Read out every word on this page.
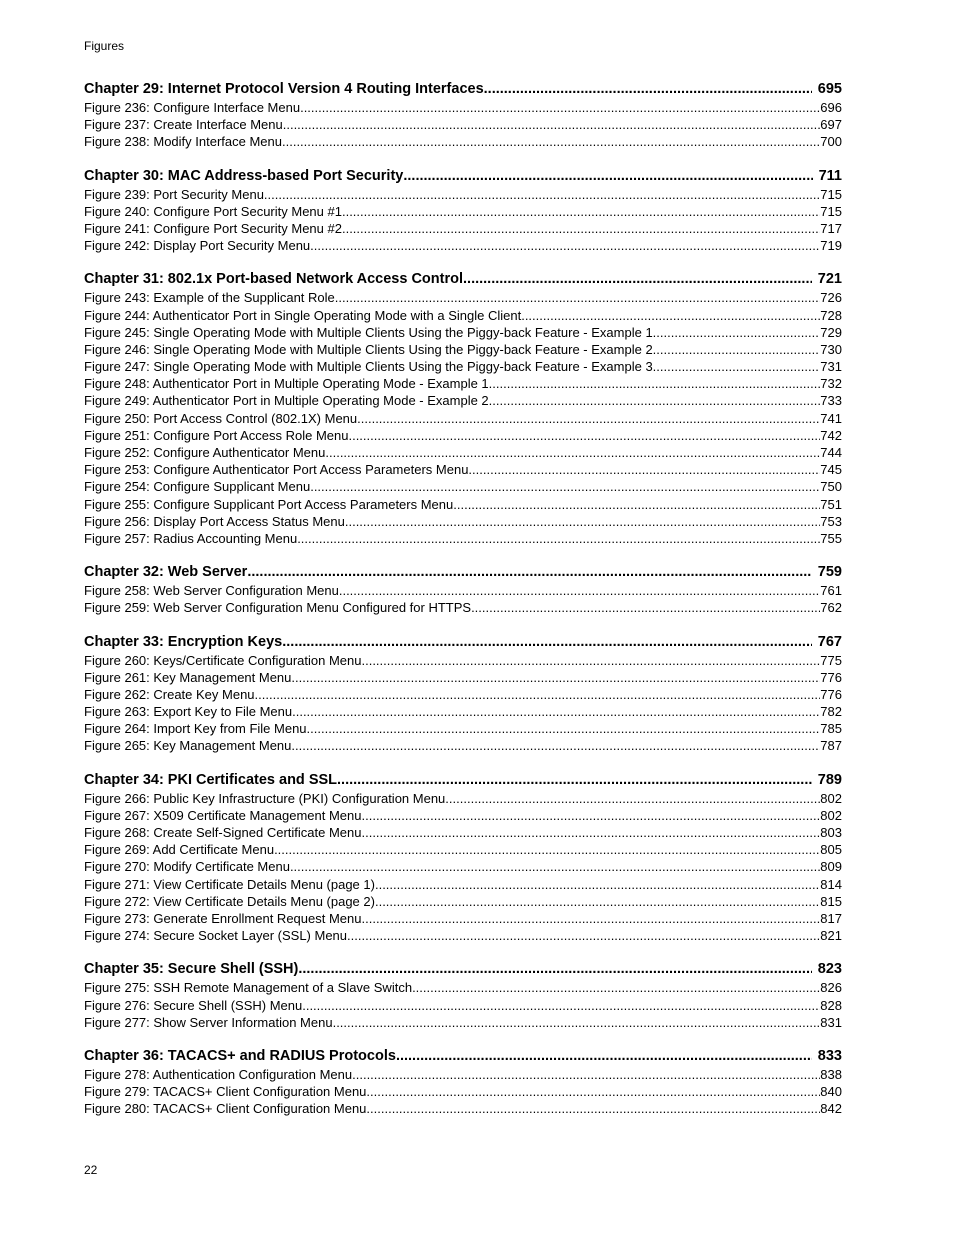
Figures
Chapter 29: Internet Protocol Version 4 Routing Interfaces .....	695
Figure 236: Configure Interface Menu .....	696
Figure 237: Create Interface Menu .....	697
Figure 238: Modify Interface Menu .....	700
Chapter 30: MAC Address-based Port Security .....	711
Figure 239: Port Security Menu .....	715
Figure 240: Configure Port Security Menu #1 .....	715
Figure 241: Configure Port Security Menu #2 .....	717
Figure 242: Display Port Security Menu .....	719
Chapter 31: 802.1x Port-based Network Access Control .....	721
Figure 243: Example of the Supplicant Role .....	726
Figure 244: Authenticator Port in Single Operating Mode with a Single Client .....	728
Figure 245: Single Operating Mode with Multiple Clients Using the Piggy-back Feature - Example 1 .....	729
Figure 246: Single Operating Mode with Multiple Clients Using the Piggy-back Feature - Example 2 .....	730
Figure 247: Single Operating Mode with Multiple Clients Using the Piggy-back Feature - Example 3 .....	731
Figure 248: Authenticator Port in Multiple Operating Mode - Example 1 .....	732
Figure 249: Authenticator Port in Multiple Operating Mode - Example 2 .....	733
Figure 250: Port Access Control (802.1X) Menu .....	741
Figure 251: Configure Port Access Role Menu .....	742
Figure 252: Configure Authenticator Menu .....	744
Figure 253: Configure Authenticator Port Access Parameters Menu .....	745
Figure 254: Configure Supplicant Menu .....	750
Figure 255: Configure Supplicant Port Access Parameters Menu .....	751
Figure 256: Display Port Access Status Menu .....	753
Figure 257: Radius Accounting Menu .....	755
Chapter 32: Web Server .....	759
Figure 258: Web Server Configuration Menu .....	761
Figure 259: Web Server Configuration Menu Configured for HTTPS .....	762
Chapter 33: Encryption Keys .....	767
Figure 260: Keys/Certificate Configuration Menu .....	775
Figure 261: Key Management Menu .....	776
Figure 262: Create Key Menu .....	776
Figure 263: Export Key to File Menu .....	782
Figure 264: Import Key from File Menu .....	785
Figure 265: Key Management Menu .....	787
Chapter 34: PKI Certificates and SSL .....	789
Figure 266: Public Key Infrastructure (PKI) Configuration Menu .....	802
Figure 267: X509 Certificate Management Menu .....	802
Figure 268: Create Self-Signed Certificate Menu .....	803
Figure 269: Add Certificate Menu .....	805
Figure 270: Modify Certificate Menu .....	809
Figure 271: View Certificate Details Menu (page 1) .....	814
Figure 272: View Certificate Details Menu (page 2) .....	815
Figure 273: Generate Enrollment Request Menu .....	817
Figure 274: Secure Socket Layer (SSL) Menu .....	821
Chapter 35: Secure Shell (SSH) .....	823
Figure 275: SSH Remote Management of a Slave Switch .....	826
Figure 276: Secure Shell (SSH) Menu .....	828
Figure 277: Show Server Information Menu .....	831
Chapter 36: TACACS+ and RADIUS Protocols .....	833
Figure 278: Authentication Configuration Menu .....	838
Figure 279: TACACS+ Client Configuration Menu .....	840
Figure 280: TACACS+ Client Configuration Menu .....	842
22
